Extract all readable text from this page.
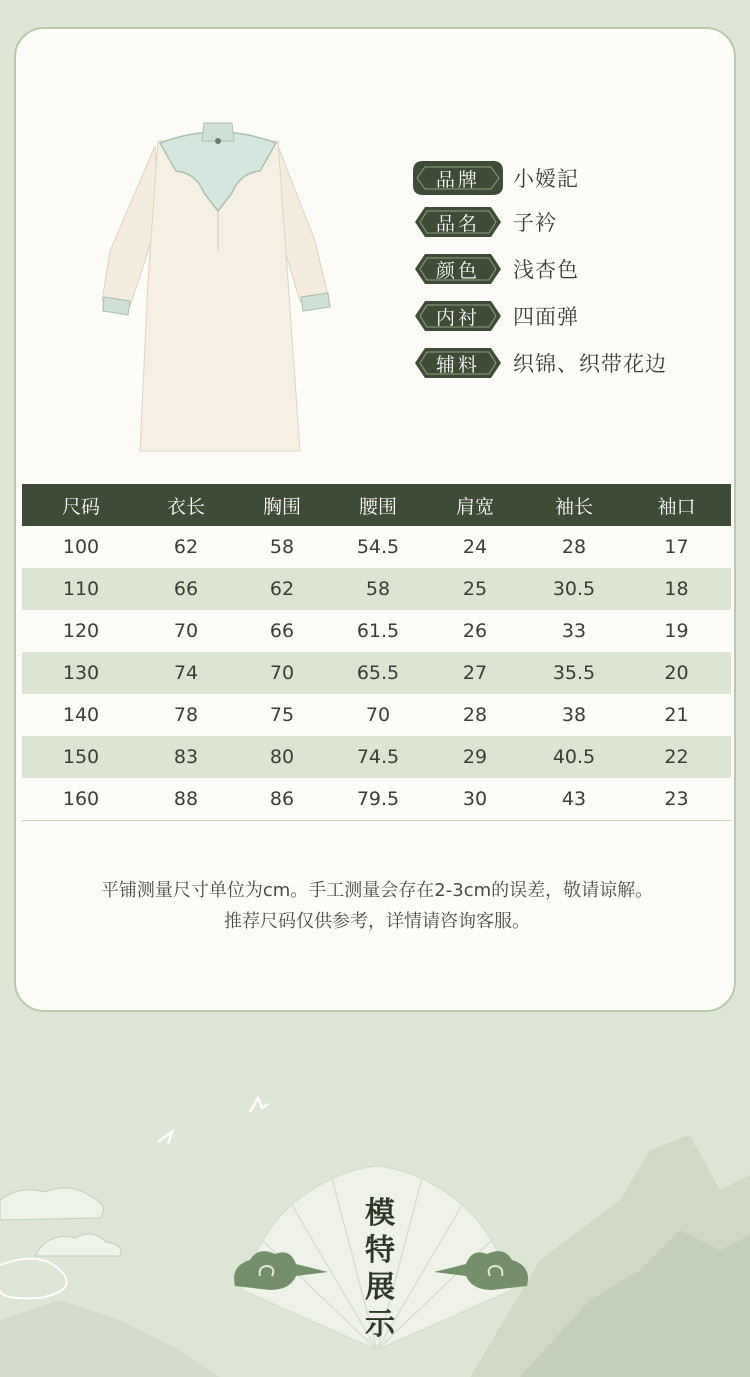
品牌 小嫒記
品名 子衿
颜色 浅杏色
内衬 四面弹
辅料 织锦、织带花边
尺码	衣长	胸围	腰围	肩宽	袖长	袖口
100	62	58	54.5	24	28	17
110	66	62	58	25	30.5	18
120	70	66	61.5	26	33	19
130	74	70	65.5	27	35.5	20
140	78	75	70	28	38	21
150	83	80	74.5	29	40.5	22
160	88	86	79.5	30	43	23
平铺测量尺寸单位为cm。手工测量会存在2-3cm的误差，敬请谅解。
推荐尺码仅供参考，详情请咨询客服。
模
特
展
示
